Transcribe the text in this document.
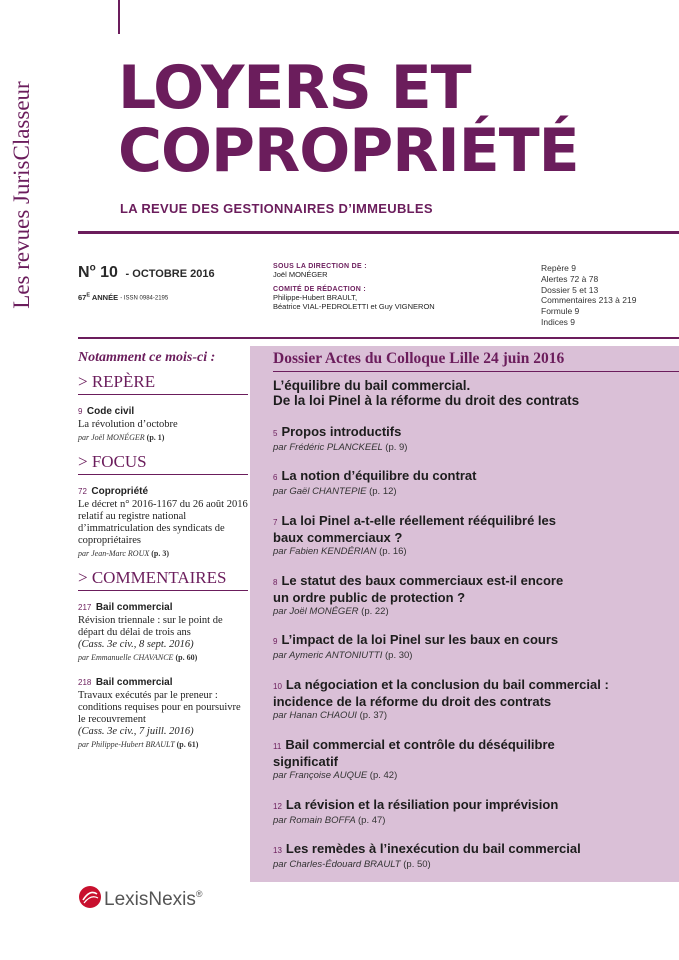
Les revues JurisClasseur LOYERS ET
COPROPRIÉTÉ
LA REVUE DES GESTIONNAIRES D’IMMEUBLES
$N^o$ 10 - OCTOBRE 2016
$67^E$ ANNÉE - ISSN 0984-2195
SOUS LA DIRECTION DE :
Joël MONÉGER
COMITÉ DE RÉDACTION :
Philippe-Hubert BRAULT,
Béatrice VIAL-PEDROLETTI et Guy VIGNERON
Repère 9
Alertes 72 à 78
Dossier 5 et 13
Commentaires 213 à 219
Formule 9
Indices 9
Notamment ce mois-ci :
> REPÈRE
9 Code civil
La révolution d’octobre
par Joël MONÉGER (p. 1)
> FOCUS
72 Copropriété
Le décret n° 2016-1167 du 26 août 2016 relatif au registre national d’immatriculation des syndicats de copropriétaires
par Jean-Marc ROUX (p. 3)
> COMMENTAIRES
217 Bail commercial
Révision triennale : sur le point de départ du délai de trois ans
(Cass. 3e civ., 8 sept. 2016)
par Emmanuelle CHAVANCE (p. 60)
218 Bail commercial
Travaux exécutés par le preneur : conditions requises pour en poursuivre le recouvrement
(Cass. 3e civ., 7 juill. 2016)
par Philippe-Hubert BRAULT (p. 61)
Dossier Actes du Colloque Lille 24 juin 2016
L’équilibre du bail commercial.
De la loi Pinel à la réforme du droit des contrats
5 Propos introductifs
par Frédéric PLANCKEEL (p. 9)
6 La notion d’équilibre du contrat
par Gaël CHANTEPIE (p. 12)
7 La loi Pinel a-t-elle réellement rééquilibré les baux commerciaux ?
par Fabien KENDÉRIAN (p. 16)
8 Le statut des baux commerciaux est-il encore un ordre public de protection ?
par Joël MONÉGER (p. 22)
9 L’impact de la loi Pinel sur les baux en cours
par Aymeric ANTONIUTTI (p. 30)
10 La négociation et la conclusion du bail commercial : incidence de la réforme du droit des contrats
par Hanan CHAOUI (p. 37)
11 Bail commercial et contrôle du déséquilibre significatif
par Françoise AUQUE (p. 42)
12 La révision et la résiliation pour imprévision
par Romain BOFFA (p. 47)
13 Les remèdes à l’inexécution du bail commercial
par Charles-Édouard BRAULT (p. 50)
LexisNexis®
